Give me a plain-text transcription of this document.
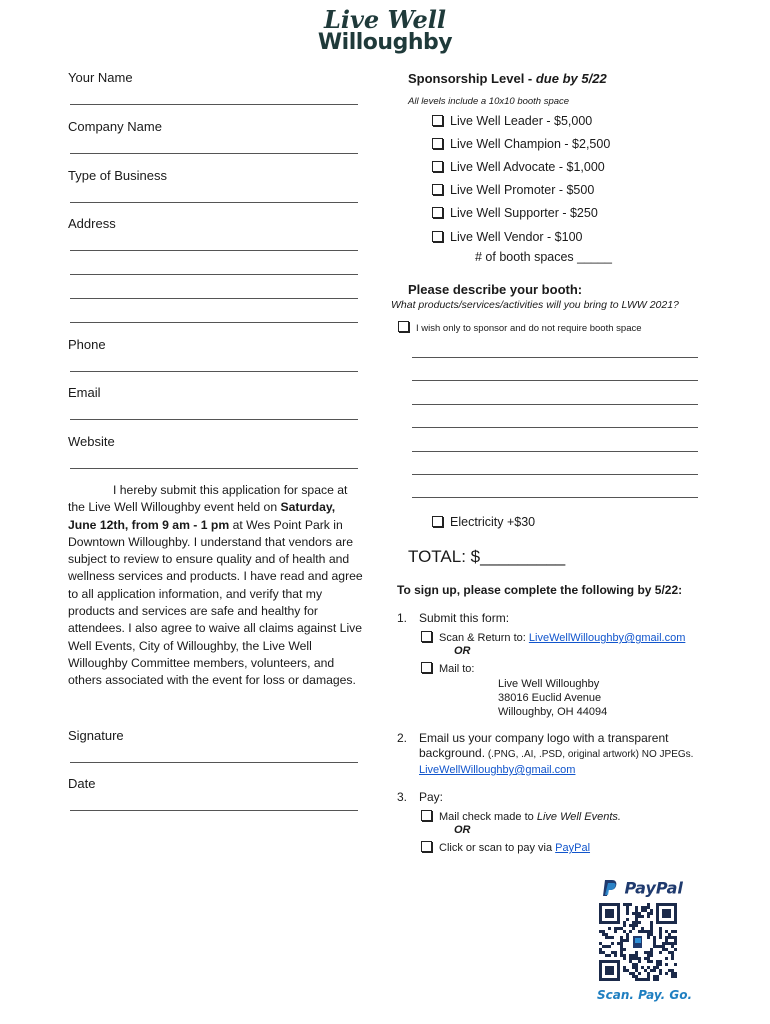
Live Well
Willoughby
Your Name
Company Name
Type of Business
Address
Phone
Email
Website
I hereby submit this application for space at the Live Well Willoughby event held on Saturday, June 12th, from 9 am - 1 pm at Wes Point Park in Downtown Willoughby. I understand that vendors are subject to review to ensure quality and of health and wellness services and products. I have read and agree to all application information, and verify that my products and services are safe and healthy for attendees. I also agree to waive all claims against Live Well Events, City of Willoughby, the Live Well Willoughby Committee members, volunteers, and others associated with the event for loss or damages.
Signature
Date
Sponsorship Level - due by 5/22
All levels include a 10x10 booth space
Live Well Leader - $5,000
Live Well Champion - $2,500
Live Well Advocate - $1,000
Live Well Promoter - $500
Live Well Supporter - $250
Live Well Vendor - $100
# of booth spaces _____
Please describe your booth:
What products/services/activities will you bring to LWW 2021?
I wish only to sponsor and do not require booth space
Electricity +$30
TOTAL: $_________
To sign up, please complete the following by 5/22:
1. Submit this form:
Scan & Return to: LiveWellWilloughby@gmail.com
OR
Mail to:
Live Well Willoughby
38016 Euclid Avenue
Willoughby, OH 44094
2. Email us your company logo with a transparent background. (.PNG, .AI, .PSD, original artwork) NO JPEGs.
LiveWellWilloughby@gmail.com
3. Pay:
Mail check made to Live Well Events.
OR
Click or scan to pay via PayPal
PayPal
Scan. Pay. Go.
